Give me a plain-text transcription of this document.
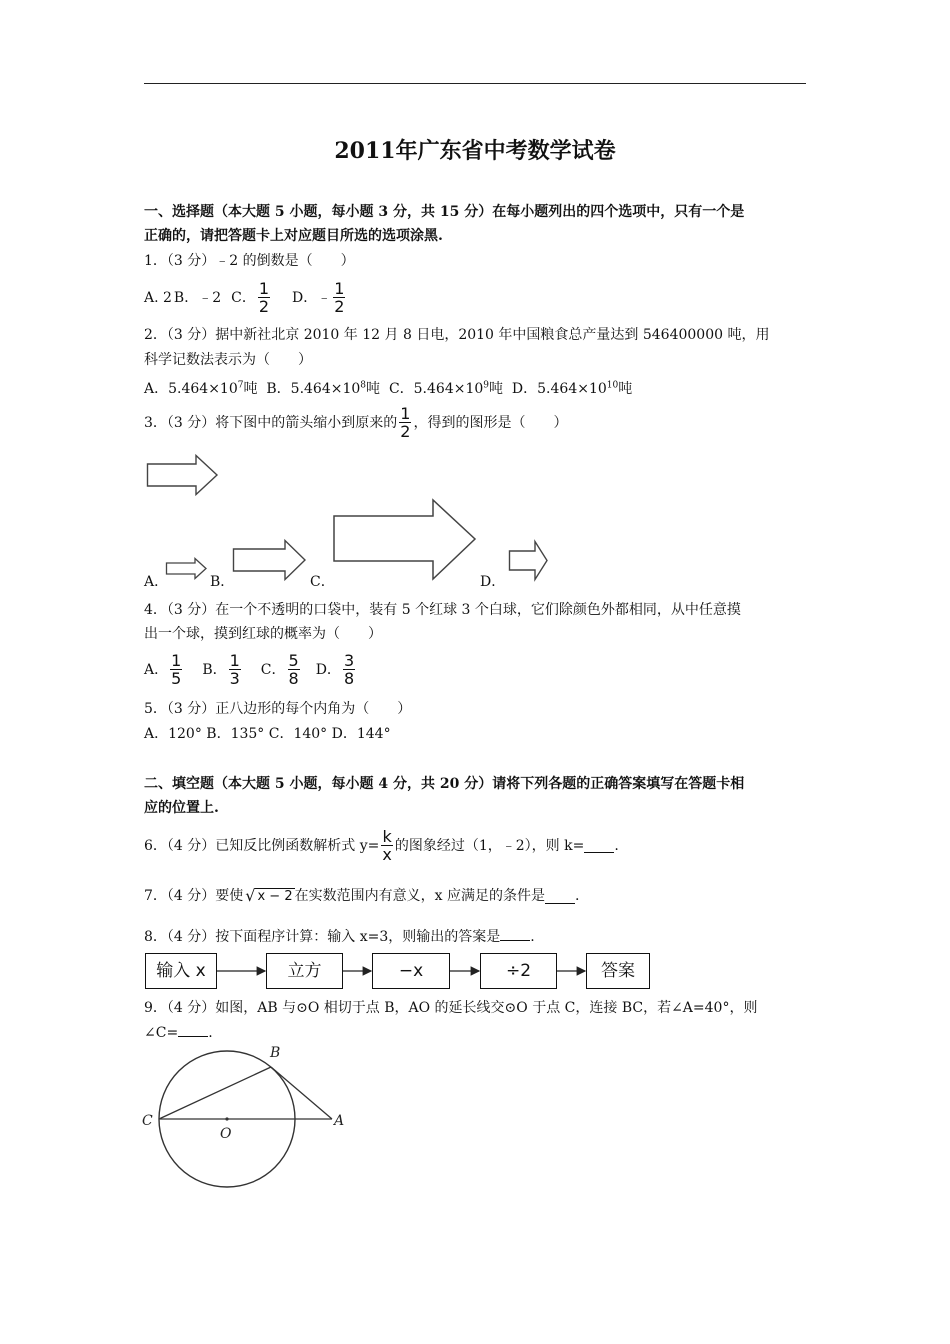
2011年广东省中考数学试卷
一、选择题（本大题 5 小题，每小题 3 分，共 15 分）在每小题列出的四个选项中，只有一个是
正确的，请把答题卡上对应题目所选的选项涂黑.
1．（3 分）﹣2 的倒数是（　　）
A. 2 B．﹣2 C． $\frac{1}{2}$ D．﹣ $\frac{1}{2}$
2．（3 分）据中新社北京 2010 年 12 月 8 日电，2010 年中国粮食总产量达到 546400000 吨，用
科学记数法表示为（　　）
A．$5.464\times 10^7$吨 B．$5.464\times 10^8$吨 C．$5.464\times 10^9$吨 D．$5.464\times 10^{10}$吨
3．（3 分）将下图中的箭头缩小到原来的 $\frac{1}{2}$ ，得到的图形是（　　）
A．	B．	C．	D．
4．（3 分）在一个不透明的口袋中，装有 5 个红球 3 个白球，它们除颜色外都相同，从中任意摸
出一个球，摸到红球的概率为（　　）
A． $\frac{1}{5}$ B． $\frac{1}{3}$ C． $\frac{5}{8}$ D． $\frac{3}{8}$
5．（3 分）正八边形的每个内角为（　　）
A．120° B．135° C．140° D．144°
二、填空题（本大题 5 小题，每小题 4 分，共 20 分）请将下列各题的正确答案填写在答题卡相
应的位置上.
6．（4 分）已知反比例函数解析式 $y= \frac{k}{x}$ 的图象经过（1，﹣2），则 k= .
7．（4 分）要使 √ x − 2 在实数范围内有意义，x 应满足的条件是 .
8．（4 分）按下面程序计算：输入 x=3，则输出的答案是 .
输入 x	立方	−x	÷2	答案
9．（4 分）如图，AB 与⊙O 相切于点 B，AO 的延长线交⊙O 于点 C，连接 BC，若∠A=40°，则
∠C= .
B
C
O
A
